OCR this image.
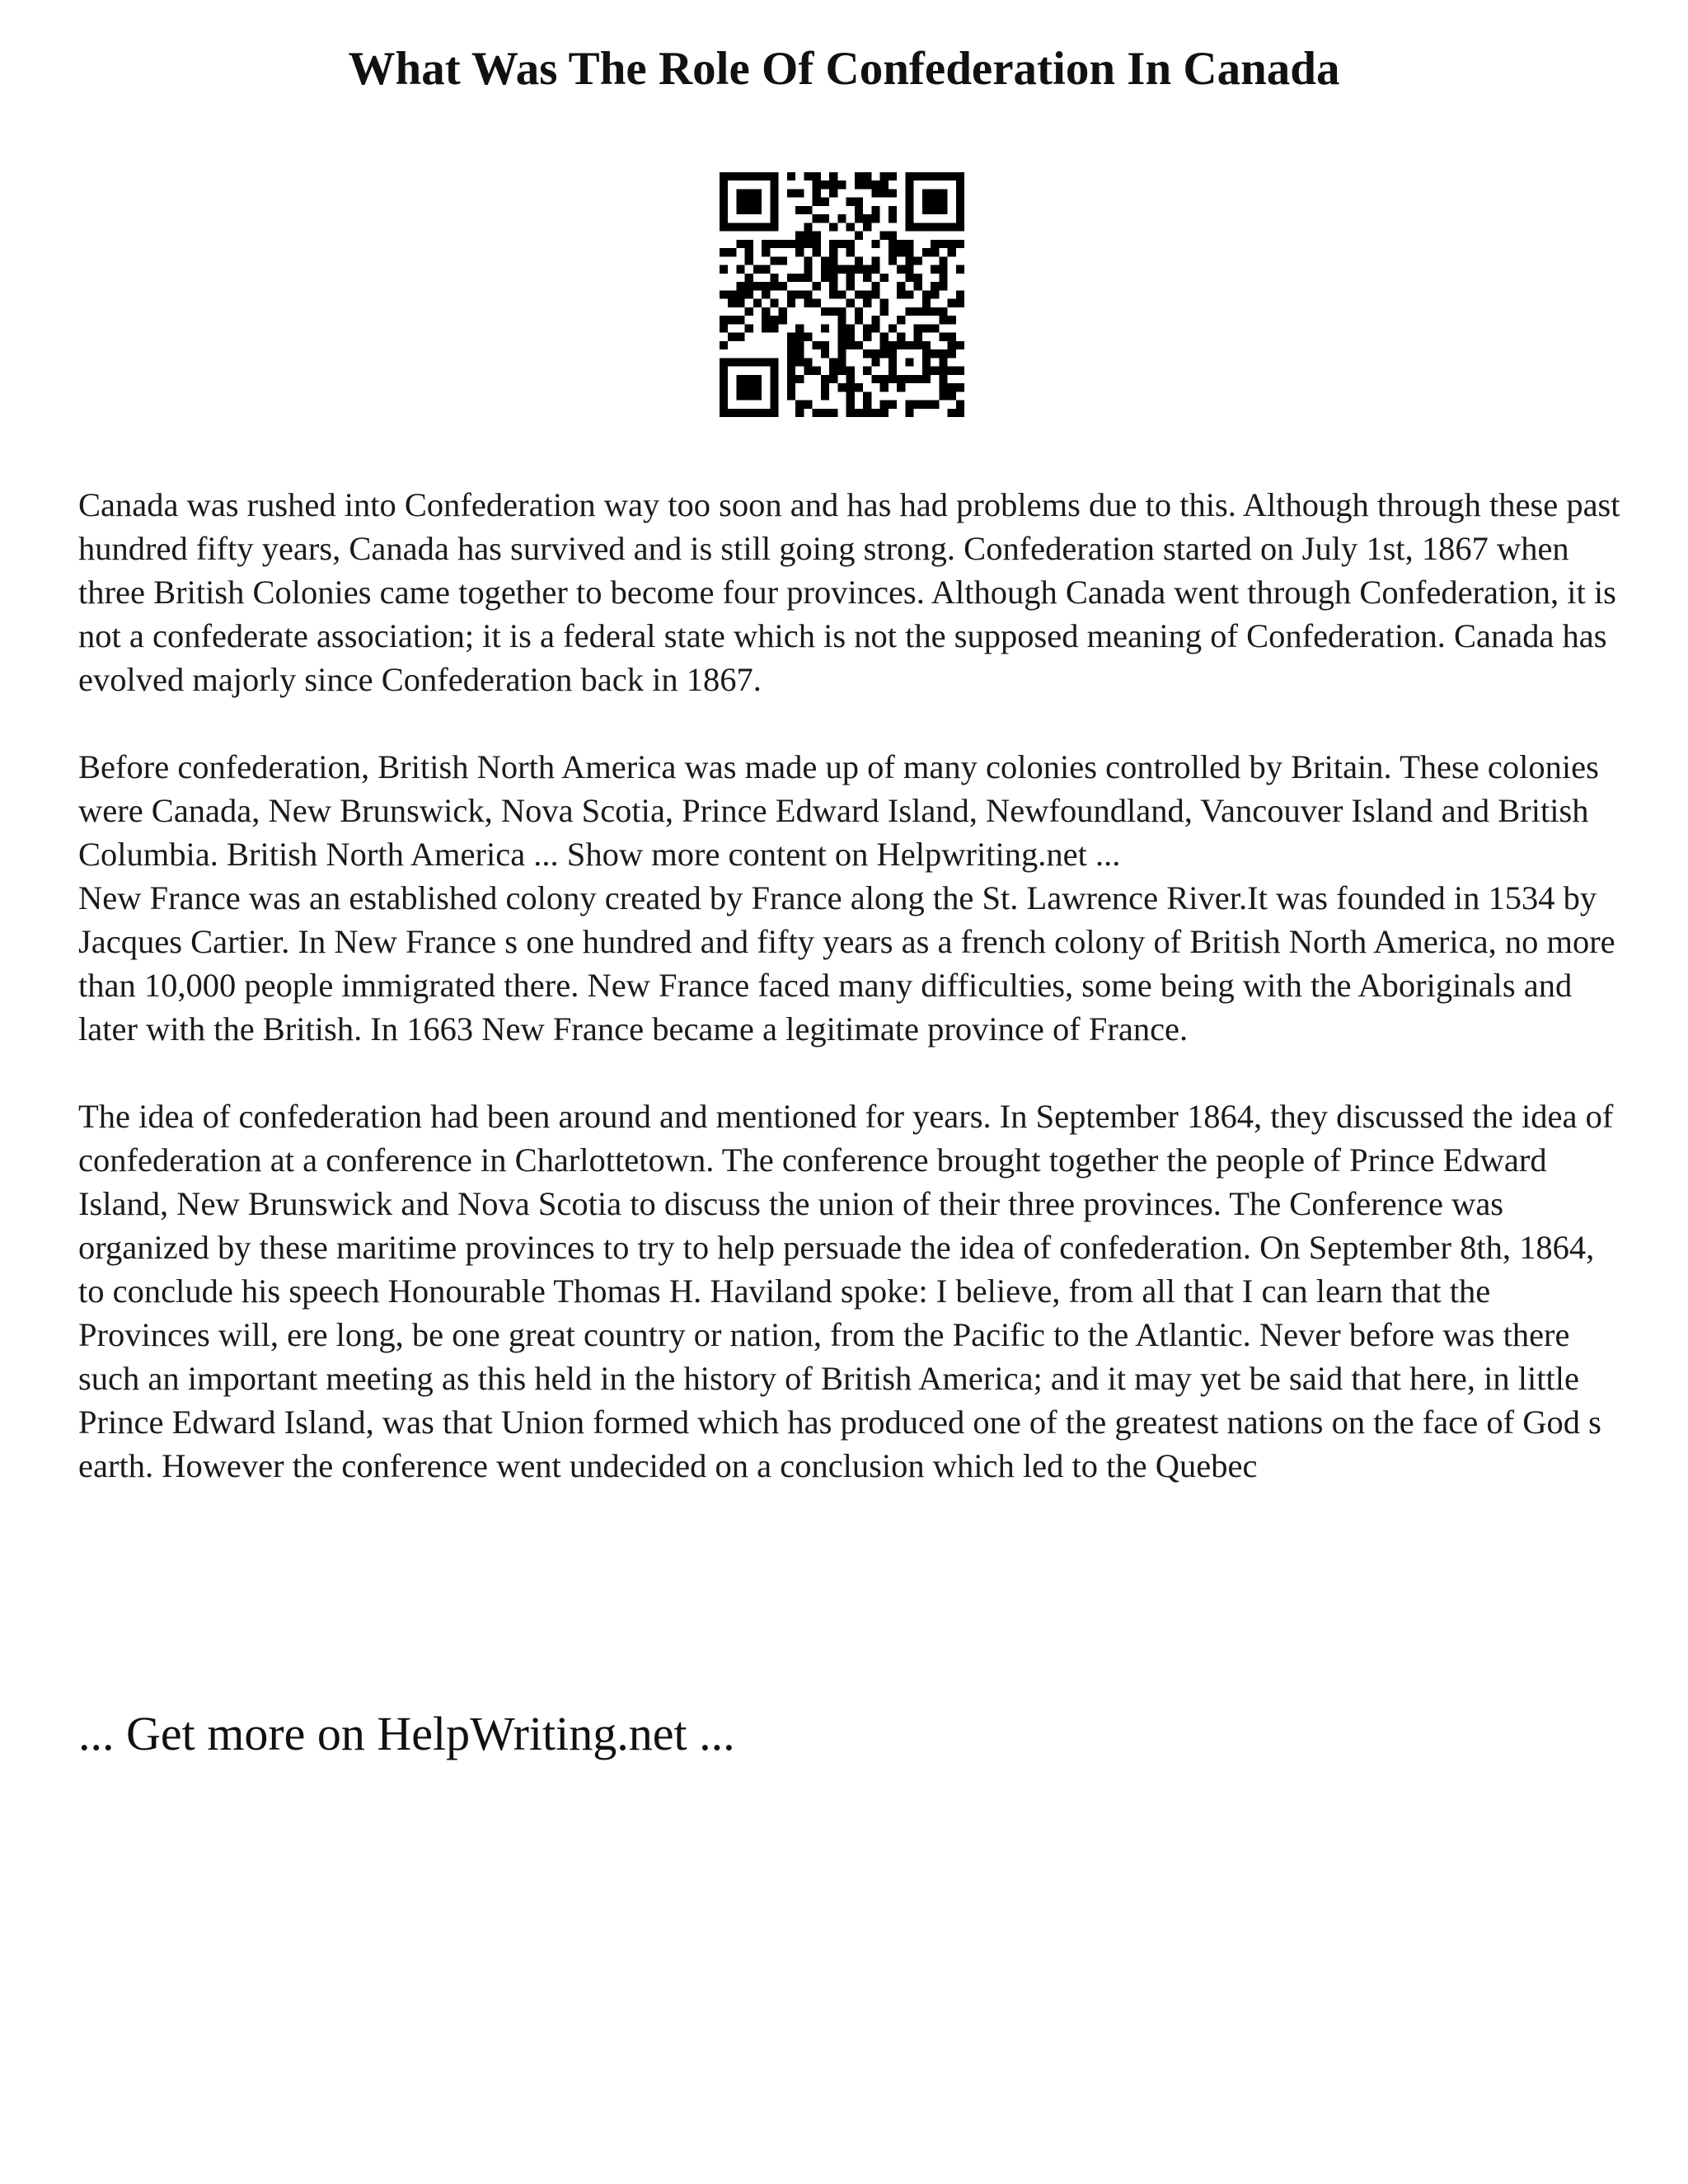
What Was The Role Of Confederation In Canada

Canada was rushed into Confederation way too soon and has had problems due to this. Although through these past hundred fifty years, Canada has survived and is still going strong. Confederation started on July 1st, 1867 when three British Colonies came together to become four provinces. Although Canada went through Confederation, it is not a confederate association; it is a federal state which is not the supposed meaning of Confederation. Canada has evolved majorly since Confederation back in 1867.

Before confederation, British North America was made up of many colonies controlled by Britain. These colonies were Canada, New Brunswick, Nova Scotia, Prince Edward Island, Newfoundland, Vancouver Island and British Columbia. British North America ... Show more content on Helpwriting.net ...

New France was an established colony created by France along the St. Lawrence River.It was founded in 1534 by Jacques Cartier. In New France s one hundred and fifty years as a french colony of British North America, no more than 10,000 people immigrated there. New France faced many difficulties, some being with the Aboriginals and later with the British. In 1663 New France became a legitimate province of France.

The idea of confederation had been around and mentioned for years. In September 1864, they discussed the idea of confederation at a conference in Charlottetown. The conference brought together the people of Prince Edward Island, New Brunswick and Nova Scotia to discuss the union of their three provinces. The Conference was organized by these maritime provinces to try to help persuade the idea of confederation. On September 8th, 1864, to conclude his speech Honourable Thomas H. Haviland spoke: I believe, from all that I can learn that the Provinces will, ere long, be one great country or nation, from the Pacific to the Atlantic. Never before was there such an important meeting as this held in the history of British America; and it may yet be said that here, in little Prince Edward Island, was that Union formed which has produced one of the greatest nations on the face of God s earth. However the conference went undecided on a conclusion which led to the Quebec

... Get more on HelpWriting.net ...
